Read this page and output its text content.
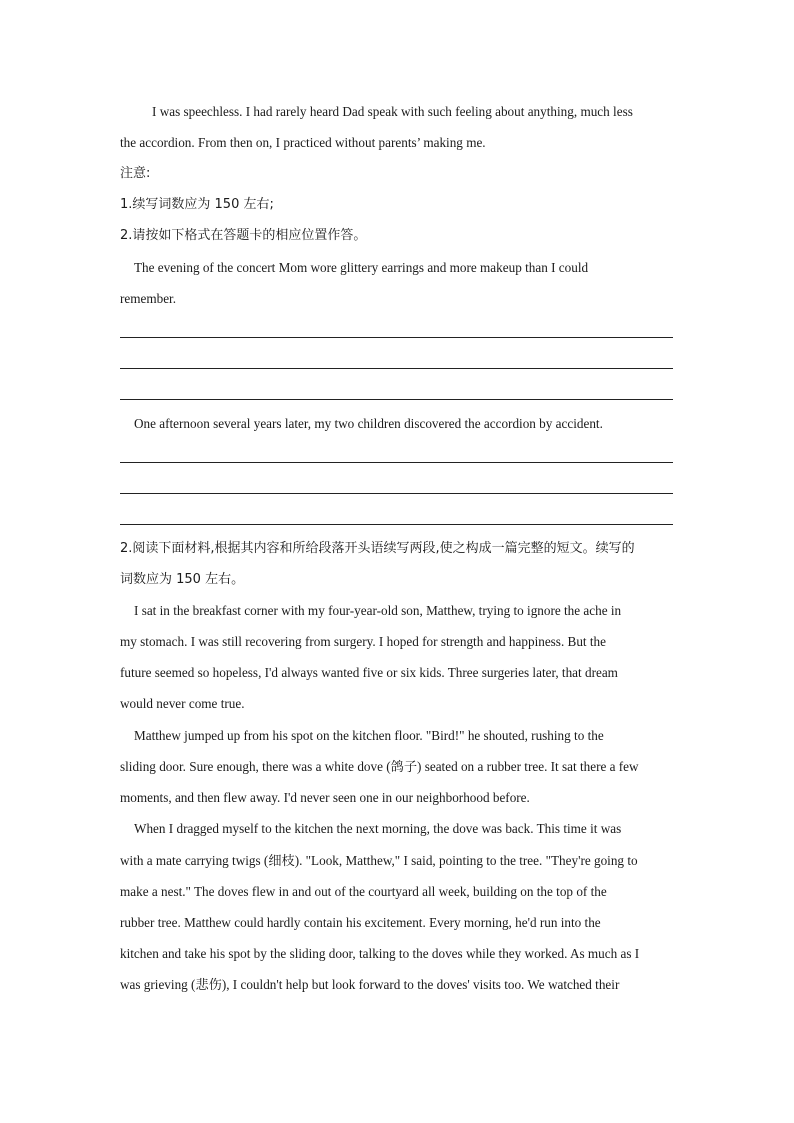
I was speechless. I had rarely heard Dad speak with such feeling about anything, much less
the accordion. From then on, I practiced without parents’ making me.
注意:
1.续写词数应为 150 左右;
2.请按如下格式在答题卡的相应位置作答。
The evening of the concert Mom wore glittery earrings and more makeup than I could
remember.
One afternoon several years later, my two children discovered the accordion by accident.
2.阅读下面材料,根据其内容和所给段落开头语续写两段,使之构成一篇完整的短文。续写的
词数应为 150 左右。
I sat in the breakfast corner with my four-year-old son, Matthew, trying to ignore the ache in
my stomach. I was still recovering from surgery. I hoped for strength and happiness. But the
future seemed so hopeless, I'd always wanted five or six kids. Three surgeries later, that dream
would never come true.
Matthew jumped up from his spot on the kitchen floor. "Bird!" he shouted, rushing to the
sliding door. Sure enough, there was a white dove (鸽子) seated on a rubber tree. It sat there a few
moments, and then flew away. I'd never seen one in our neighborhood before.
When I dragged myself to the kitchen the next morning, the dove was back. This time it was
with a mate carrying twigs (细枝). "Look, Matthew," I said, pointing to the tree. "They're going to
make a nest." The doves flew in and out of the courtyard all week, building on the top of the
rubber tree. Matthew could hardly contain his excitement. Every morning, he'd run into the
kitchen and take his spot by the sliding door, talking to the doves while they worked. As much as I
was grieving (悲伤), I couldn't help but look forward to the doves' visits too. We watched their
